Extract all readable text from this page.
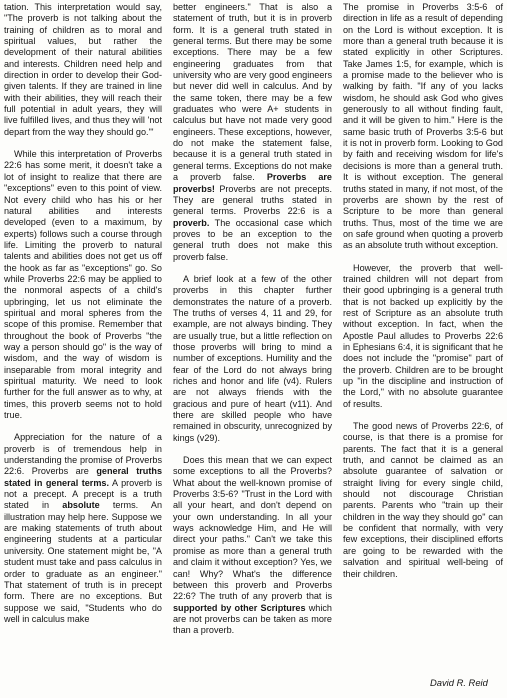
tation. This interpretation would say, "The proverb is not talking about the training of children as to moral and spiritual values, but rather the development of their natural abilities and interests. Children need help and direction in order to develop their God-given talents. If they are trained in line with their abilities, they will reach their full potential in adult years, they will live fulfilled lives, and thus they will 'not depart from the way they should go.'"

While this interpretation of Proverbs 22:6 has some merit, it doesn't take a lot of insight to realize that there are "exceptions" even to this point of view. Not every child who has his or her natural abilities and interests developed (even to a maximum, by experts) follows such a course through life. Limiting the proverb to natural talents and abilities does not get us off the hook as far as "exceptions" go. So while Proverbs 22:6 may be applied to the nonmoral aspects of a child's upbringing, let us not eliminate the spiritual and moral spheres from the scope of this promise. Remember that throughout the book of Proverbs "the way a person should go" is the way of wisdom, and the way of wisdom is inseparable from moral integrity and spiritual maturity. We need to look further for the full answer as to why, at times, this proverb seems not to hold true.

Appreciation for the nature of a proverb is of tremendous help in understanding the promise of Proverbs 22:6. Proverbs are general truths stated in general terms. A proverb is not a precept. A precept is a truth stated in absolute terms. An illustration may help here. Suppose we are making statements of truth about engineering students at a particular university. One statement might be, "A student must take and pass calculus in order to graduate as an engineer." That statement of truth is in precept form. There are no exceptions. But suppose we said, "Students who do well in calculus make

better engineers." That is also a statement of truth, but it is in proverb form. It is a general truth stated in general terms. But there may be some exceptions. There may be a few engineering graduates from that university who are very good engineers but never did well in calculus. And by the same token, there may be a few graduates who were A+ students in calculus but have not made very good engineers. These exceptions, however, do not make the statement false, because it is a general truth stated in general terms. Exceptions do not make a proverb false. Proverbs are proverbs! Proverbs are not precepts. They are general truths stated in general terms. Proverbs 22:6 is a proverb. The occasional case which proves to be an exception to the general truth does not make this proverb false.

A brief look at a few of the other proverbs in this chapter further demonstrates the nature of a proverb. The truths of verses 4, 11 and 29, for example, are not always binding. They are usually true, but a little reflection on those proverbs will bring to mind a number of exceptions. Humility and the fear of the Lord do not always bring riches and honor and life (v4). Rulers are not always friends with the gracious and pure of heart (v11). And there are skilled people who have remained in obscurity, unrecognized by kings (v29).

Does this mean that we can expect some exceptions to all the Proverbs? What about the well-known promise of Proverbs 3:5-6? "Trust in the Lord with all your heart, and don't depend on your own understanding. In all your ways acknowledge Him, and He will direct your paths." Can't we take this promise as more than a general truth and claim it without exception? Yes, we can! Why? What's the difference between this proverb and Proverbs 22:6? The truth of any proverb that is supported by other Scriptures which are not proverbs can be taken as more than a proverb.

The promise in Proverbs 3:5-6 of direction in life as a result of depending on the Lord is without exception. It is more than a general truth because it is stated explicitly in other Scriptures. Take James 1:5, for example, which is a promise made to the believer who is walking by faith. "If any of you lacks wisdom, he should ask God who gives generously to all without finding fault, and it will be given to him." Here is the same basic truth of Proverbs 3:5-6 but it is not in proverb form. Looking to God by faith and receiving wisdom for life's decisions is more than a general truth. It is without exception. The general truths stated in many, if not most, of the proverbs are shown by the rest of Scripture to be more than general truths. Thus, most of the time we are on safe ground when quoting a proverb as an absolute truth without exception.

However, the proverb that well-trained children will not depart from their good upbringing is a general truth that is not backed up explicitly by the rest of Scripture as an absolute truth without exception. In fact, when the Apostle Paul alludes to Proverbs 22:6 in Ephesians 6:4, it is significant that he does not include the "promise" part of the proverb. Children are to be brought up "in the discipline and instruction of the Lord," with no absolute guarantee of results.

The good news of Proverbs 22:6, of course, is that there is a promise for parents. The fact that it is a general truth, and cannot be claimed as an absolute guarantee of salvation or straight living for every single child, should not discourage Christian parents. Parents who "train up their children in the way they should go" can be confident that normally, with very few exceptions, their disciplined efforts are going to be rewarded with the salvation and spiritual well-being of their children.

David R. Reid
